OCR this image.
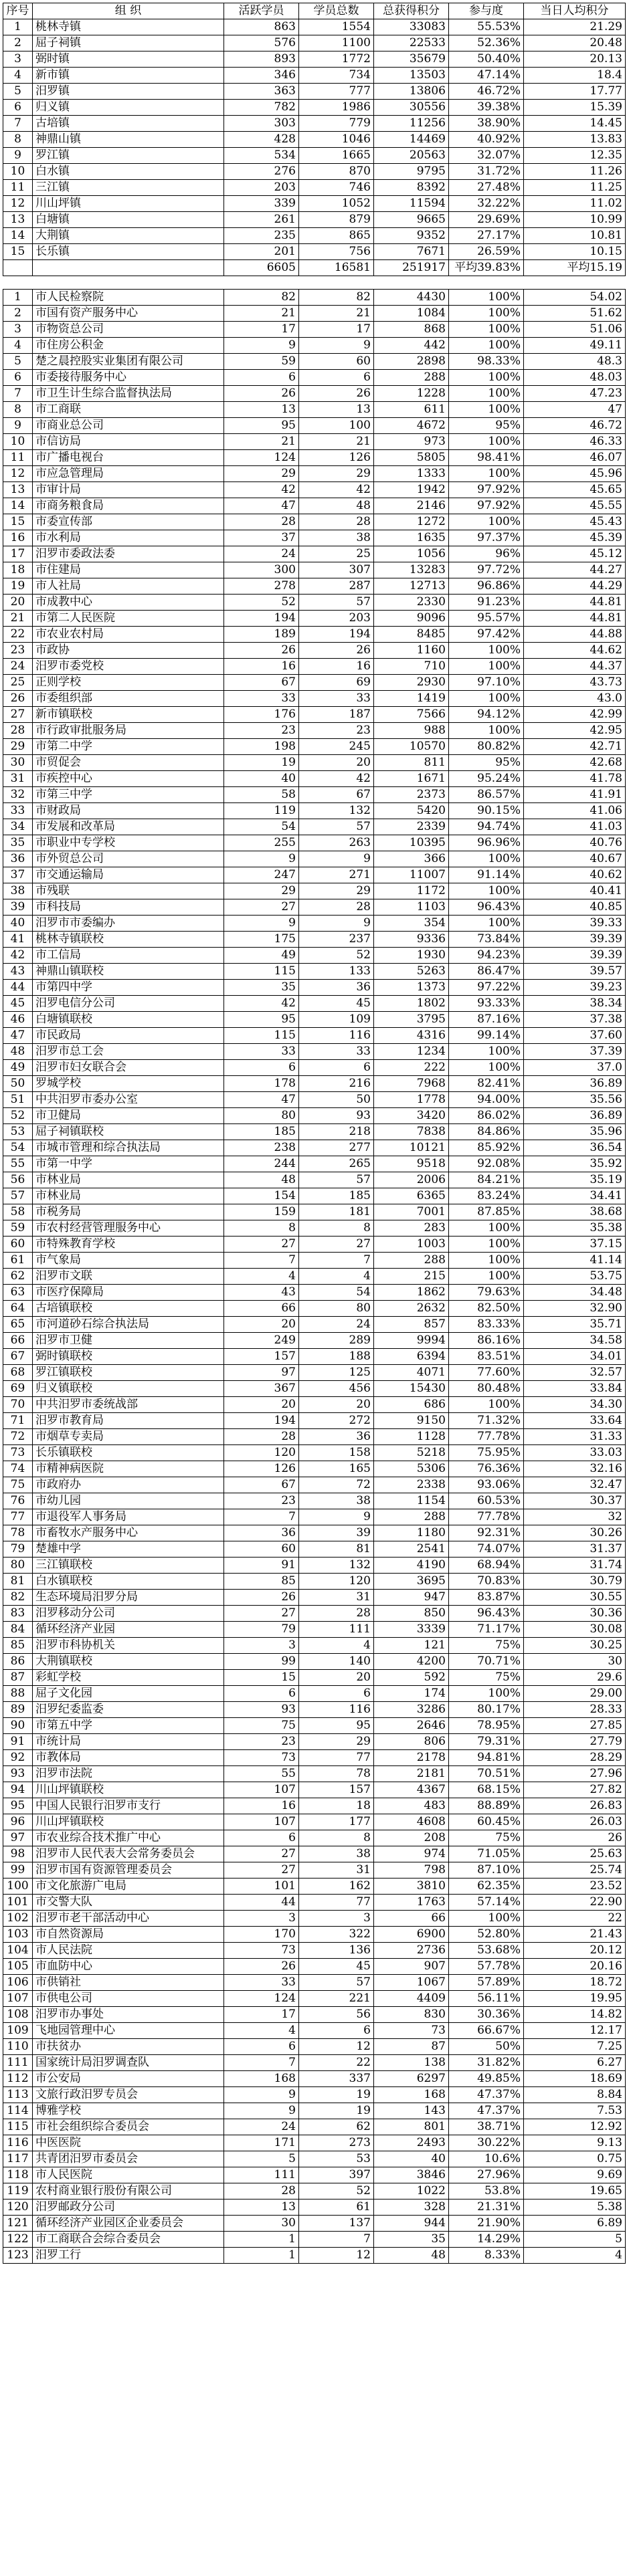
序号	组 织	活跃学员	学员总数	总获得积分	参与度	当日人均积分
1	桃林寺镇	863	1554	33083	55.53%	21.29
2	屈子祠镇	576	1100	22533	52.36%	20.48
3	弼时镇	893	1772	35679	50.40%	20.13
4	新市镇	346	734	13503	47.14%	18.4
5	汨罗镇	363	777	13806	46.72%	17.77
6	归义镇	782	1986	30556	39.38%	15.39
7	古培镇	303	779	11256	38.90%	14.45
8	神鼎山镇	428	1046	14469	40.92%	13.83
9	罗江镇	534	1665	20563	32.07%	12.35
10	白水镇	276	870	9795	31.72%	11.26
11	三江镇	203	746	8392	27.48%	11.25
12	川山坪镇	339	1052	11594	32.22%	11.02
13	白塘镇	261	879	9665	29.69%	10.99
14	大荆镇	235	865	9352	27.17%	10.81
15	长乐镇	201	756	7671	26.59%	10.15
		6605	16581	251917	平均39.83%	平均15.19

1	市人民检察院	82	82	4430	100%	54.02
2	市国有资产服务中心	21	21	1084	100%	51.62
3	市物资总公司	17	17	868	100%	51.06
4	市住房公积金	9	9	442	100%	49.11
5	楚之晨控股实业集团有限公司	59	60	2898	98.33%	48.3
6	市委接待服务中心	6	6	288	100%	48.03
7	市卫生计生综合监督执法局	26	26	1228	100%	47.23
8	市工商联	13	13	611	100%	47
9	市商业总公司	95	100	4672	95%	46.72
10	市信访局	21	21	973	100%	46.33
11	市广播电视台	124	126	5805	98.41%	46.07
12	市应急管理局	29	29	1333	100%	45.96
13	市审计局	42	42	1942	97.92%	45.65
14	市商务粮食局	47	48	2146	97.92%	45.55
15	市委宣传部	28	28	1272	100%	45.43
16	市水利局	37	38	1635	97.37%	45.39
17	汨罗市委政法委	24	25	1056	96%	45.12
18	市住建局	300	307	13283	97.72%	44.27
19	市人社局	278	287	12713	96.86%	44.29
20	市成教中心	52	57	2330	91.23%	44.81
21	市第二人民医院	194	203	9096	95.57%	44.81
22	市农业农村局	189	194	8485	97.42%	44.88
23	市政协	26	26	1160	100%	44.62
24	汨罗市委党校	16	16	710	100%	44.37
25	正则学校	67	69	2930	97.10%	43.73
26	市委组织部	33	33	1419	100%	43.0
27	新市镇联校	176	187	7566	94.12%	42.99
28	市行政审批服务局	23	23	988	100%	42.95
29	市第二中学	198	245	10570	80.82%	42.71
30	市贸促会	19	20	811	95%	42.68
31	市疾控中心	40	42	1671	95.24%	41.78
32	市第三中学	58	67	2373	86.57%	41.91
33	市财政局	119	132	5420	90.15%	41.06
34	市发展和改革局	54	57	2339	94.74%	41.03
35	市职业中专学校	255	263	10395	96.96%	40.76
36	市外贸总公司	9	9	366	100%	40.67
37	市交通运输局	247	271	11007	91.14%	40.62
38	市残联	29	29	1172	100%	40.41
39	市科技局	27	28	1103	96.43%	40.85
40	汨罗市市委编办	9	9	354	100%	39.33
41	桃林寺镇联校	175	237	9336	73.84%	39.39
42	市工信局	49	52	1930	94.23%	39.39
43	神鼎山镇联校	115	133	5263	86.47%	39.57
44	市第四中学	35	36	1373	97.22%	39.23
45	汨罗电信分公司	42	45	1802	93.33%	38.34
46	白塘镇联校	95	109	3795	87.16%	37.38
47	市民政局	115	116	4316	99.14%	37.60
48	汨罗市总工会	33	33	1234	100%	37.39
49	汨罗市妇女联合会	6	6	222	100%	37.0
50	罗城学校	178	216	7968	82.41%	36.89
51	中共汨罗市委办公室	47	50	1778	94.00%	35.56
52	市卫健局	80	93	3420	86.02%	36.89
53	屈子祠镇联校	185	218	7838	84.86%	35.96
54	市城市管理和综合执法局	238	277	10121	85.92%	36.54
55	市第一中学	244	265	9518	92.08%	35.92
56	市林业局	48	57	2006	84.21%	35.19
57	市林业局	154	185	6365	83.24%	34.41
58	市税务局	159	181	7001	87.85%	38.68
59	市农村经营管理服务中心	8	8	283	100%	35.38
60	市特殊教育学校	27	27	1003	100%	37.15
61	市气象局	7	7	288	100%	41.14
62	汨罗市文联	4	4	215	100%	53.75
63	市医疗保障局	43	54	1862	79.63%	34.48
64	古培镇联校	66	80	2632	82.50%	32.90
65	市河道砂石综合执法局	20	24	857	83.33%	35.71
66	汨罗市卫健	249	289	9994	86.16%	34.58
67	弼时镇联校	157	188	6394	83.51%	34.01
68	罗江镇联校	97	125	4071	77.60%	32.57
69	归义镇联校	367	456	15430	80.48%	33.84
70	中共汨罗市委统战部	20	20	686	100%	34.30
71	汨罗市教育局	194	272	9150	71.32%	33.64
72	市烟草专卖局	28	36	1128	77.78%	31.33
73	长乐镇联校	120	158	5218	75.95%	33.03
74	市精神病医院	126	165	5306	76.36%	32.16
75	市政府办	67	72	2338	93.06%	32.47
76	市幼儿园	23	38	1154	60.53%	30.37
77	市退役军人事务局	7	9	288	77.78%	32
78	市畜牧水产服务中心	36	39	1180	92.31%	30.26
79	楚雄中学	60	81	2541	74.07%	31.37
80	三江镇联校	91	132	4190	68.94%	31.74
81	白水镇联校	85	120	3695	70.83%	30.79
82	生态环境局汨罗分局	26	31	947	83.87%	30.55
83	汨罗移动分公司	27	28	850	96.43%	30.36
84	循环经济产业园	79	111	3339	71.17%	30.08
85	汨罗市科协机关	3	4	121	75%	30.25
86	大荆镇联校	99	140	4200	70.71%	30
87	彩虹学校	15	20	592	75%	29.6
88	屈子文化园	6	6	174	100%	29.00
89	汨罗纪委监委	93	116	3286	80.17%	28.33
90	市第五中学	75	95	2646	78.95%	27.85
91	市统计局	23	29	806	79.31%	27.79
92	市教体局	73	77	2178	94.81%	28.29
93	汨罗市法院	55	78	2181	70.51%	27.96
94	川山坪镇联校	107	157	4367	68.15%	27.82
95	中国人民银行汨罗市支行	16	18	483	88.89%	26.83
96	川山坪镇联校	107	177	4608	60.45%	26.03
97	市农业综合技术推广中心	6	8	208	75%	26
98	汨罗市人民代表大会常务委员会	27	38	974	71.05%	25.63
99	汨罗市国有资源管理委员会	27	31	798	87.10%	25.74
100	市文化旅游广电局	101	162	3810	62.35%	23.52
101	市交警大队	44	77	1763	57.14%	22.90
102	汨罗市老干部活动中心	3	3	66	100%	22
103	市自然资源局	170	322	6900	52.80%	21.43
104	市人民法院	73	136	2736	53.68%	20.12
105	市血防中心	26	45	907	57.78%	20.16
106	市供销社	33	57	1067	57.89%	18.72
107	市供电公司	124	221	4409	56.11%	19.95
108	汨罗市办事处	17	56	830	30.36%	14.82
109	飞地园管理中心	4	6	73	66.67%	12.17
110	市扶贫办	6	12	87	50%	7.25
111	国家统计局汨罗调查队	7	22	138	31.82%	6.27
112	市公安局	168	337	6297	49.85%	18.69
113	文旅行政汨罗专员会	9	19	168	47.37%	8.84
114	博雅学校	9	19	143	47.37%	7.53
115	市社会组织综合委员会	24	62	801	38.71%	12.92
116	中医医院	171	273	2493	30.22%	9.13
117	共青团汨罗市委员会	5	53	40	10.6%	0.75
118	市人民医院	111	397	3846	27.96%	9.69
119	农村商业银行股份有限公司	28	52	1022	53.8%	19.65
120	汨罗邮政分公司	13	61	328	21.31%	5.38
121	循环经济产业园区企业委员会	30	137	944	21.90%	6.89
122	市工商联合会综合委员会	1	7	35	14.29%	5
123	汨罗工行	1	12	48	8.33%	4
